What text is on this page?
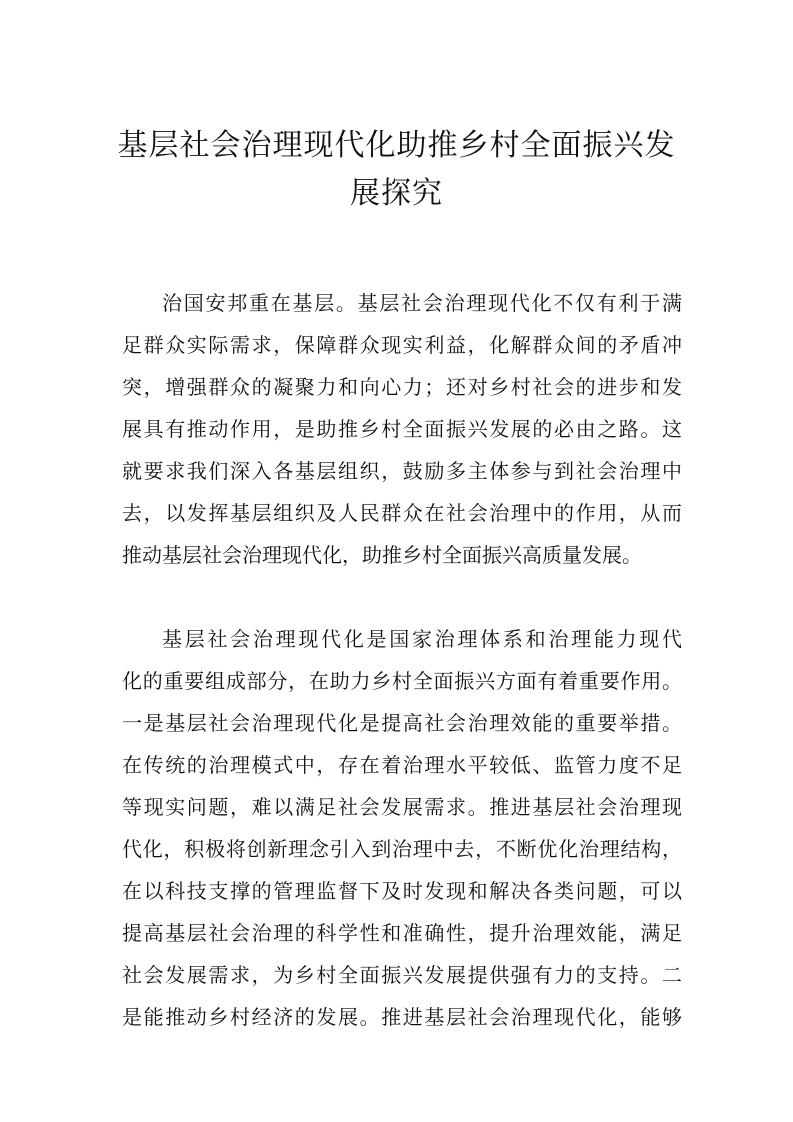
基层社会治理现代化助推乡村全面振兴发
展探究

治国安邦重在基层。基层社会治理现代化不仅有利于满

足群众实际需求，保障群众现实利益，化解群众间的矛盾冲

突，增强群众的凝聚力和向心力；还对乡村社会的进步和发

展具有推动作用，是助推乡村全面振兴发展的必由之路。这

就要求我们深入各基层组织，鼓励多主体参与到社会治理中

去，以发挥基层组织及人民群众在社会治理中的作用，从而

推动基层社会治理现代化，助推乡村全面振兴高质量发展。

基层社会治理现代化是国家治理体系和治理能力现代

化的重要组成部分，在助力乡村全面振兴方面有着重要作用。

一是基层社会治理现代化是提高社会治理效能的重要举措。

在传统的治理模式中，存在着治理水平较低、监管力度不足

等现实问题，难以满足社会发展需求。推进基层社会治理现

代化，积极将创新理念引入到治理中去，不断优化治理结构，

在以科技支撑的管理监督下及时发现和解决各类问题，可以

提高基层社会治理的科学性和准确性，提升治理效能，满足

社会发展需求，为乡村全面振兴发展提供强有力的支持。二

是能推动乡村经济的发展。推进基层社会治理现代化，能够
